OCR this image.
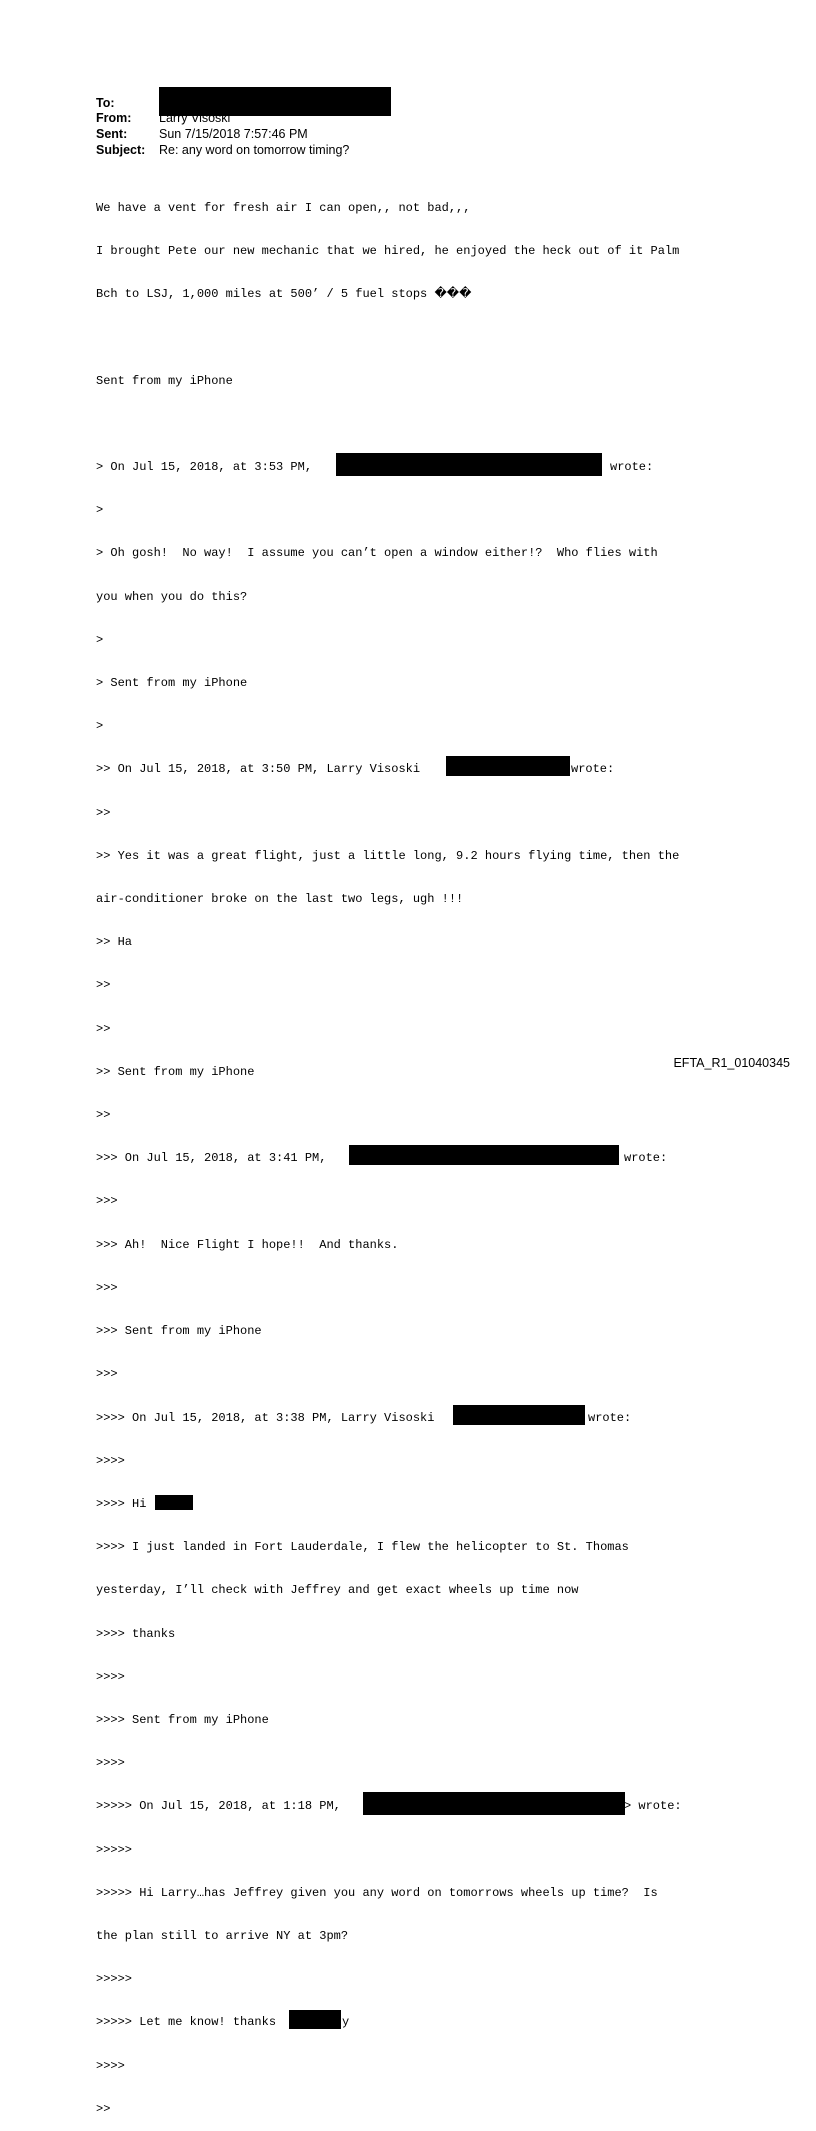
To:
From: Larry Visoski
Sent:	Sun 7/15/2018 7:57:46 PM
Subject: Re: any word on tomorrow timing?

We have a vent for fresh air I can open,, not bad,,,

I brought Pete our new mechanic that we hired, he enjoyed the heck out of it Palm

Bch to LSJ, 1,000 miles at 500’ / 5 fuel stops ���

Sent from my iPhone

> On Jul 15, 2018, at 3:53 PM,	wrote:

>

> Oh gosh!  No way!  I assume you can’t open a window either!?  Who flies with

you when you do this?

>

> Sent from my iPhone

>

>> On Jul 15, 2018, at 3:50 PM, Larry Visoski	wrote:

>>

>> Yes it was a great flight, just a little long, 9.2 hours flying time, then the

air-conditioner broke on the last two legs, ugh !!!

>> Ha

>>

>>

>> Sent from my iPhone

>>

>>> On Jul 15, 2018, at 3:41 PM,	wrote:

>>>

>>> Ah!  Nice Flight I hope!!  And thanks.

>>>

>>> Sent from my iPhone

>>>

>>>> On Jul 15, 2018, at 3:38 PM, Larry Visoski	wrote:

>>>>

>>>> Hi

>>>> I just landed in Fort Lauderdale, I flew the helicopter to St. Thomas

yesterday, I’ll check with Jeffrey and get exact wheels up time now

>>>> thanks

>>>>

>>>> Sent from my iPhone

>>>>

>>>>> On Jul 15, 2018, at 1:18 PM,	> wrote:

>>>>>

>>>>> Hi Larry…has Jeffrey given you any word on tomorrows wheels up time?  Is

the plan still to arrive NY at 3pm?

>>>>>

>>>>> Let me know! thanks	y

>>>>

>>

EFTA_R1_01040345
